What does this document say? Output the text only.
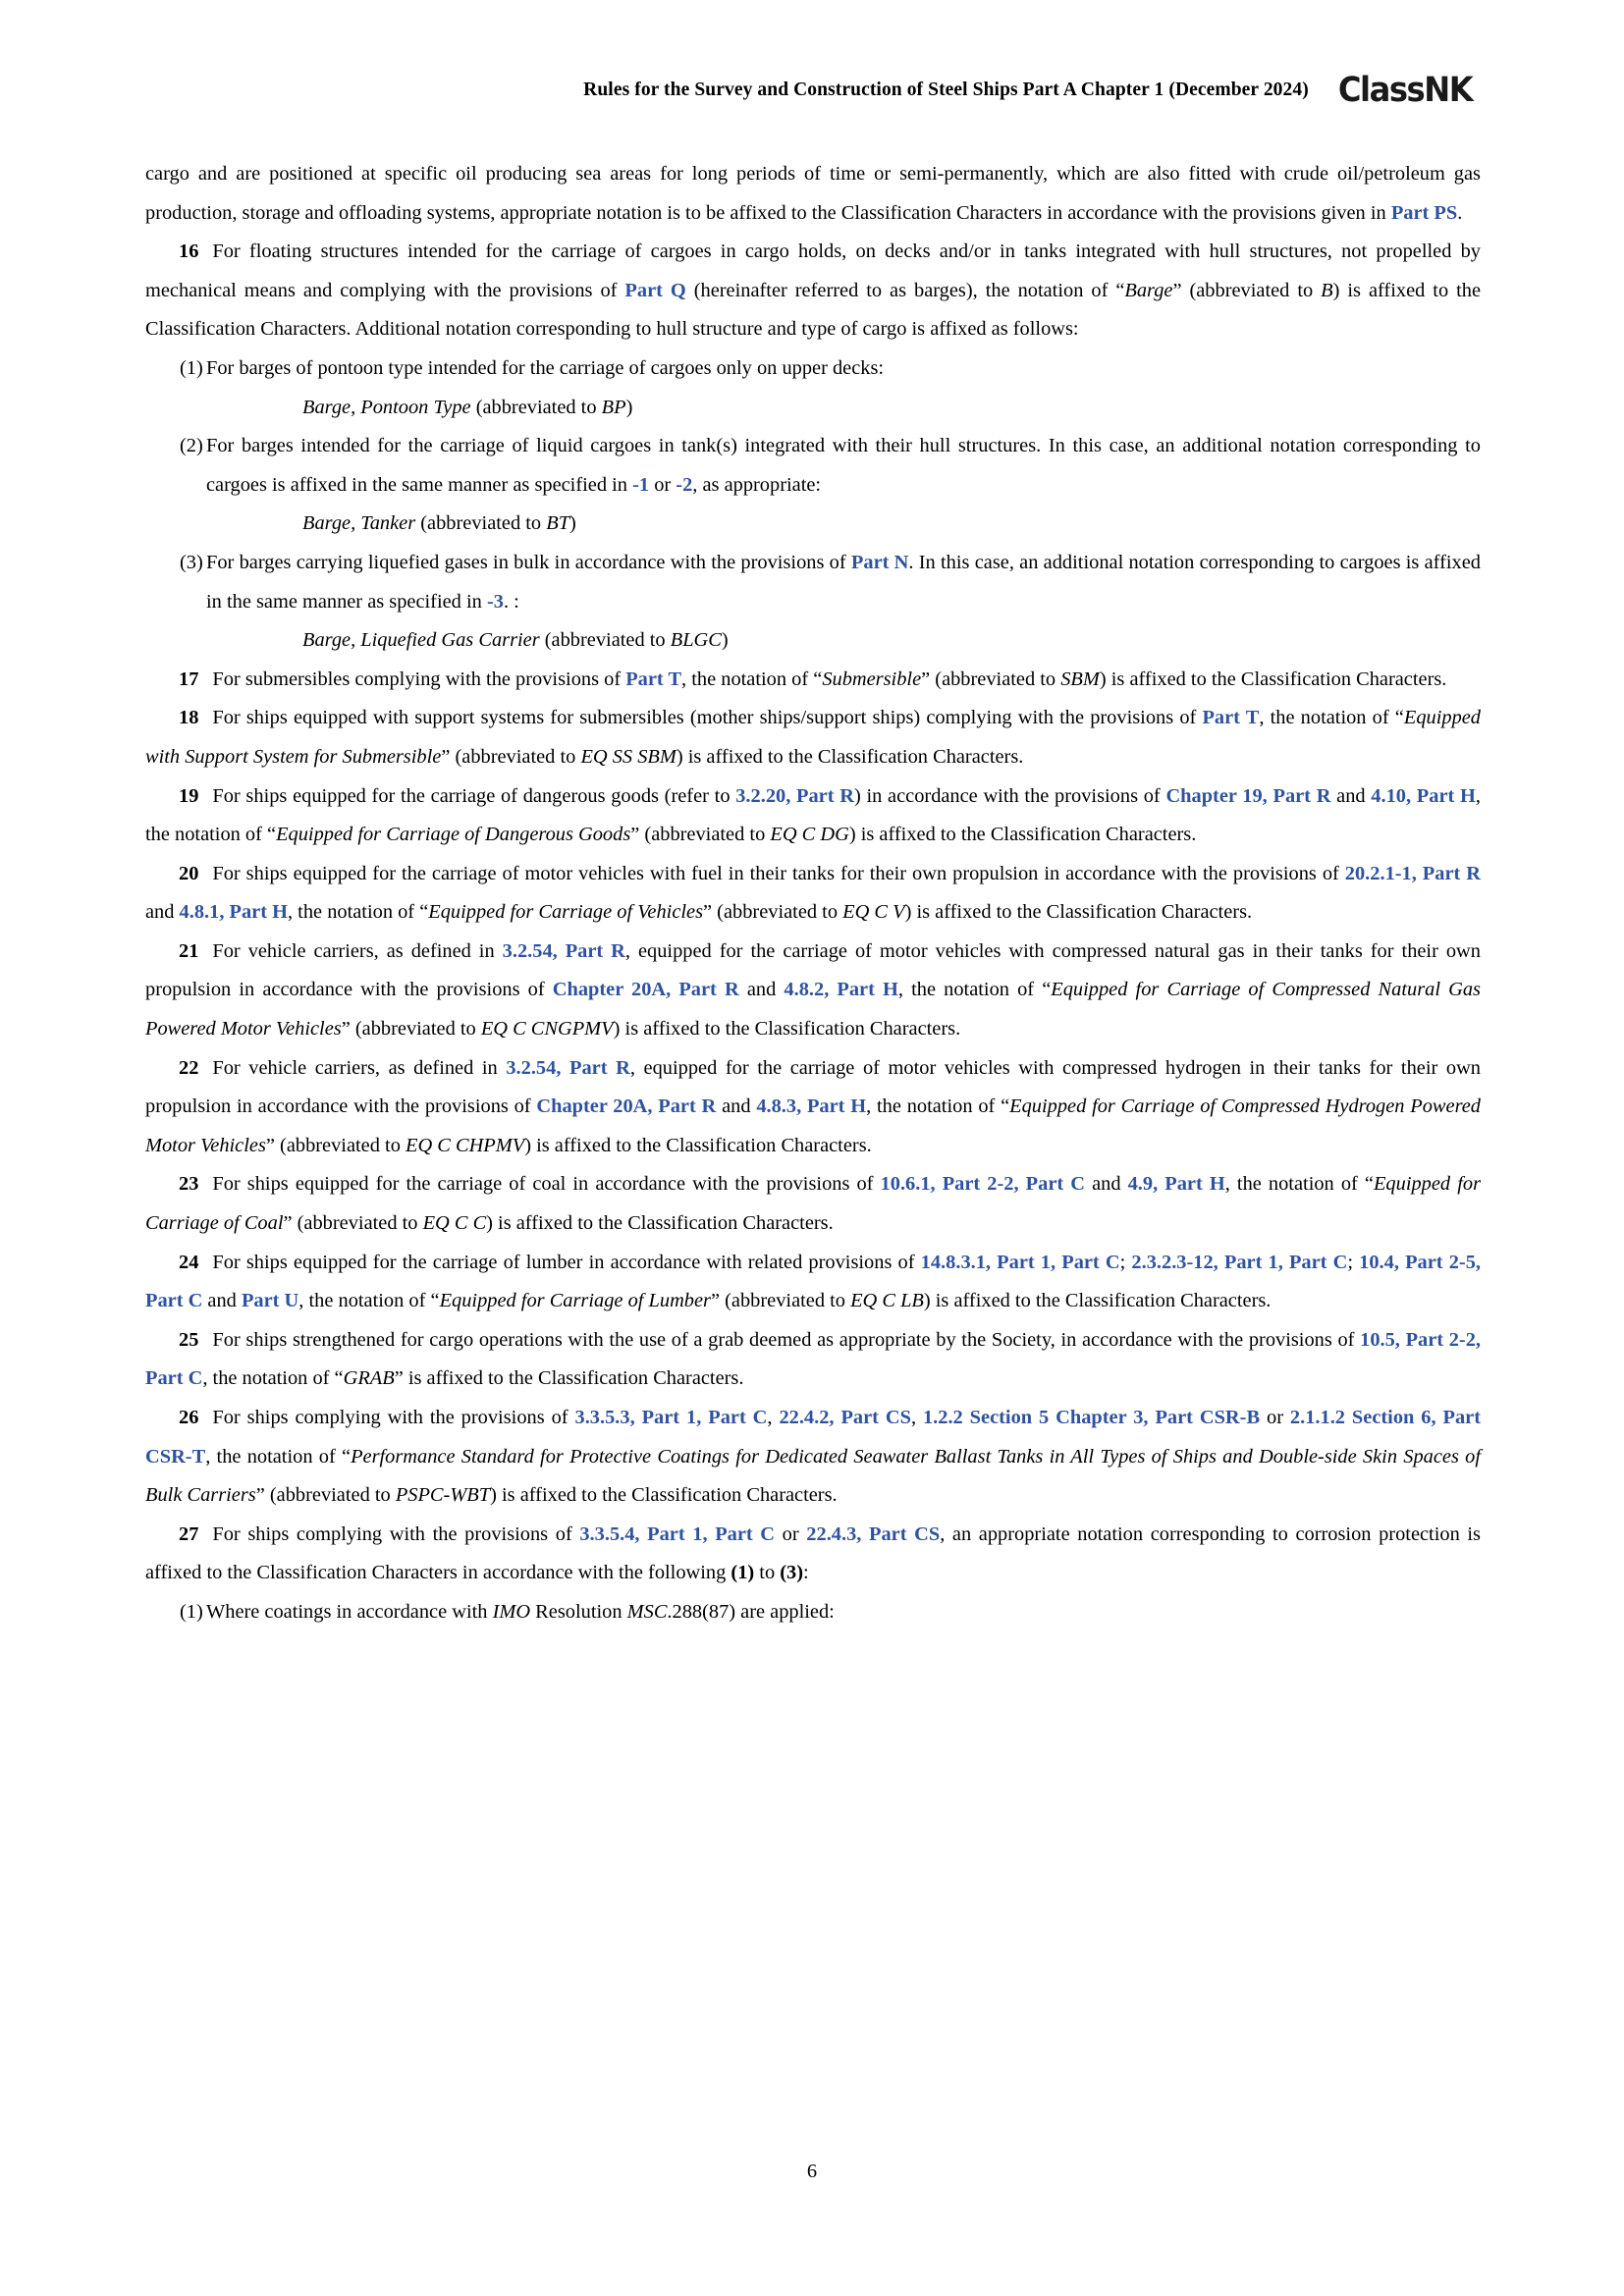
Rules for the Survey and Construction of Steel Ships Part A Chapter 1 (December 2024) ClassNK

cargo and are positioned at specific oil producing sea areas for long periods of time or semi-permanently, which are also fitted with crude oil/petroleum gas production, storage and offloading systems, appropriate notation is to be affixed to the Classification Characters in accordance with the provisions given in Part PS.

16 For floating structures intended for the carriage of cargoes in cargo holds, on decks and/or in tanks integrated with hull structures, not propelled by mechanical means and complying with the provisions of Part Q (hereinafter referred to as barges), the notation of “Barge” (abbreviated to B) is affixed to the Classification Characters. Additional notation corresponding to hull structure and type of cargo is affixed as follows:

(1) For barges of pontoon type intended for the carriage of cargoes only on upper decks:

Barge, Pontoon Type (abbreviated to BP)

(2) For barges intended for the carriage of liquid cargoes in tank(s) integrated with their hull structures. In this case, an additional notation corresponding to cargoes is affixed in the same manner as specified in -1 or -2, as appropriate:

Barge, Tanker (abbreviated to BT)

(3) For barges carrying liquefied gases in bulk in accordance with the provisions of Part N. In this case, an additional notation corresponding to cargoes is affixed in the same manner as specified in -3. :

Barge, Liquefied Gas Carrier (abbreviated to BLGC)

17 For submersibles complying with the provisions of Part T, the notation of “Submersible” (abbreviated to SBM) is affixed to the Classification Characters.

18 For ships equipped with support systems for submersibles (mother ships/support ships) complying with the provisions of Part T, the notation of “Equipped with Support System for Submersible” (abbreviated to EQ SS SBM) is affixed to the Classification Characters.

19 For ships equipped for the carriage of dangerous goods (refer to 3.2.20, Part R) in accordance with the provisions of Chapter 19, Part R and 4.10, Part H, the notation of “Equipped for Carriage of Dangerous Goods” (abbreviated to EQ C DG) is affixed to the Classification Characters.

20 For ships equipped for the carriage of motor vehicles with fuel in their tanks for their own propulsion in accordance with the provisions of 20.2.1-1, Part R and 4.8.1, Part H, the notation of “Equipped for Carriage of Vehicles” (abbreviated to EQ C V) is affixed to the Classification Characters.

21 For vehicle carriers, as defined in 3.2.54, Part R, equipped for the carriage of motor vehicles with compressed natural gas in their tanks for their own propulsion in accordance with the provisions of Chapter 20A, Part R and 4.8.2, Part H, the notation of “Equipped for Carriage of Compressed Natural Gas Powered Motor Vehicles” (abbreviated to EQ C CNGPMV) is affixed to the Classification Characters.

22 For vehicle carriers, as defined in 3.2.54, Part R, equipped for the carriage of motor vehicles with compressed hydrogen in their tanks for their own propulsion in accordance with the provisions of Chapter 20A, Part R and 4.8.3, Part H, the notation of “Equipped for Carriage of Compressed Hydrogen Powered Motor Vehicles” (abbreviated to EQ C CHPMV) is affixed to the Classification Characters.

23 For ships equipped for the carriage of coal in accordance with the provisions of 10.6.1, Part 2-2, Part C and 4.9, Part H, the notation of “Equipped for Carriage of Coal” (abbreviated to EQ C C) is affixed to the Classification Characters.

24 For ships equipped for the carriage of lumber in accordance with related provisions of 14.8.3.1, Part 1, Part C; 2.3.2.3-12, Part 1, Part C; 10.4, Part 2-5, Part C and Part U, the notation of “Equipped for Carriage of Lumber” (abbreviated to EQ C LB) is affixed to the Classification Characters.

25 For ships strengthened for cargo operations with the use of a grab deemed as appropriate by the Society, in accordance with the provisions of 10.5, Part 2-2, Part C, the notation of “GRAB” is affixed to the Classification Characters.

26 For ships complying with the provisions of 3.3.5.3, Part 1, Part C, 22.4.2, Part CS, 1.2.2 Section 5 Chapter 3, Part CSR-B or 2.1.1.2 Section 6, Part CSR-T, the notation of “Performance Standard for Protective Coatings for Dedicated Seawater Ballast Tanks in All Types of Ships and Double-side Skin Spaces of Bulk Carriers” (abbreviated to PSPC-WBT) is affixed to the Classification Characters.

27 For ships complying with the provisions of 3.3.5.4, Part 1, Part C or 22.4.3, Part CS, an appropriate notation corresponding to corrosion protection is affixed to the Classification Characters in accordance with the following (1) to (3):

(1) Where coatings in accordance with IMO Resolution MSC.288(87) are applied:
6
